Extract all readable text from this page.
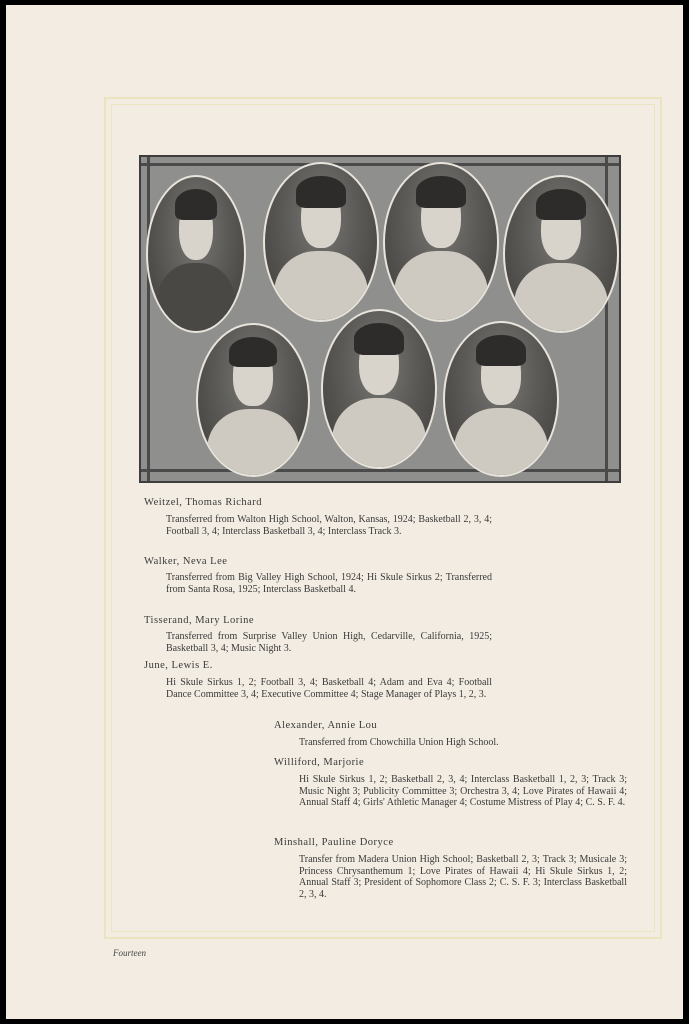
Weitzel, Thomas Richard
Transferred from Walton High School, Walton, Kansas, 1924; Basketball 2, 3, 4; Football 3, 4; Interclass Basketball 3, 4; Interclass Track 3.
Walker, Neva Lee
Transferred from Big Valley High School, 1924; Hi Skule Sirkus 2; Transferred from Santa Rosa, 1925; Interclass Basketball 4.
Tisserand, Mary Lorine
Transferred from Surprise Valley Union High, Cedarville, California, 1925; Basketball 3, 4; Music Night 3.
June, Lewis E.
Hi Skule Sirkus 1, 2; Football 3, 4; Basketball 4; Adam and Eva 4; Football Dance Committee 3, 4; Executive Committee 4; Stage Manager of Plays 1, 2, 3.
Alexander, Annie Lou
Transferred from Chowchilla Union High School.
Williford, Marjorie
Hi Skule Sirkus 1, 2; Basketball 2, 3, 4; Interclass Basketball 1, 2, 3; Track 3; Music Night 3; Publicity Committee 3; Orchestra 3, 4; Love Pirates of Hawaii 4; Annual Staff 4; Girls' Athletic Manager 4; Costume Mistress of Play 4; C. S. F. 4.
Minshall, Pauline Doryce
Transfer from Madera Union High School; Basketball 2, 3; Track 3; Musicale 3; Princess Chrysanthemum 1; Love Pirates of Hawaii 4; Hi Skule Sirkus 1, 2; Annual Staff 3; President of Sophomore Class 2; C. S. F. 3; Interclass Basketball 2, 3, 4.
Fourteen
